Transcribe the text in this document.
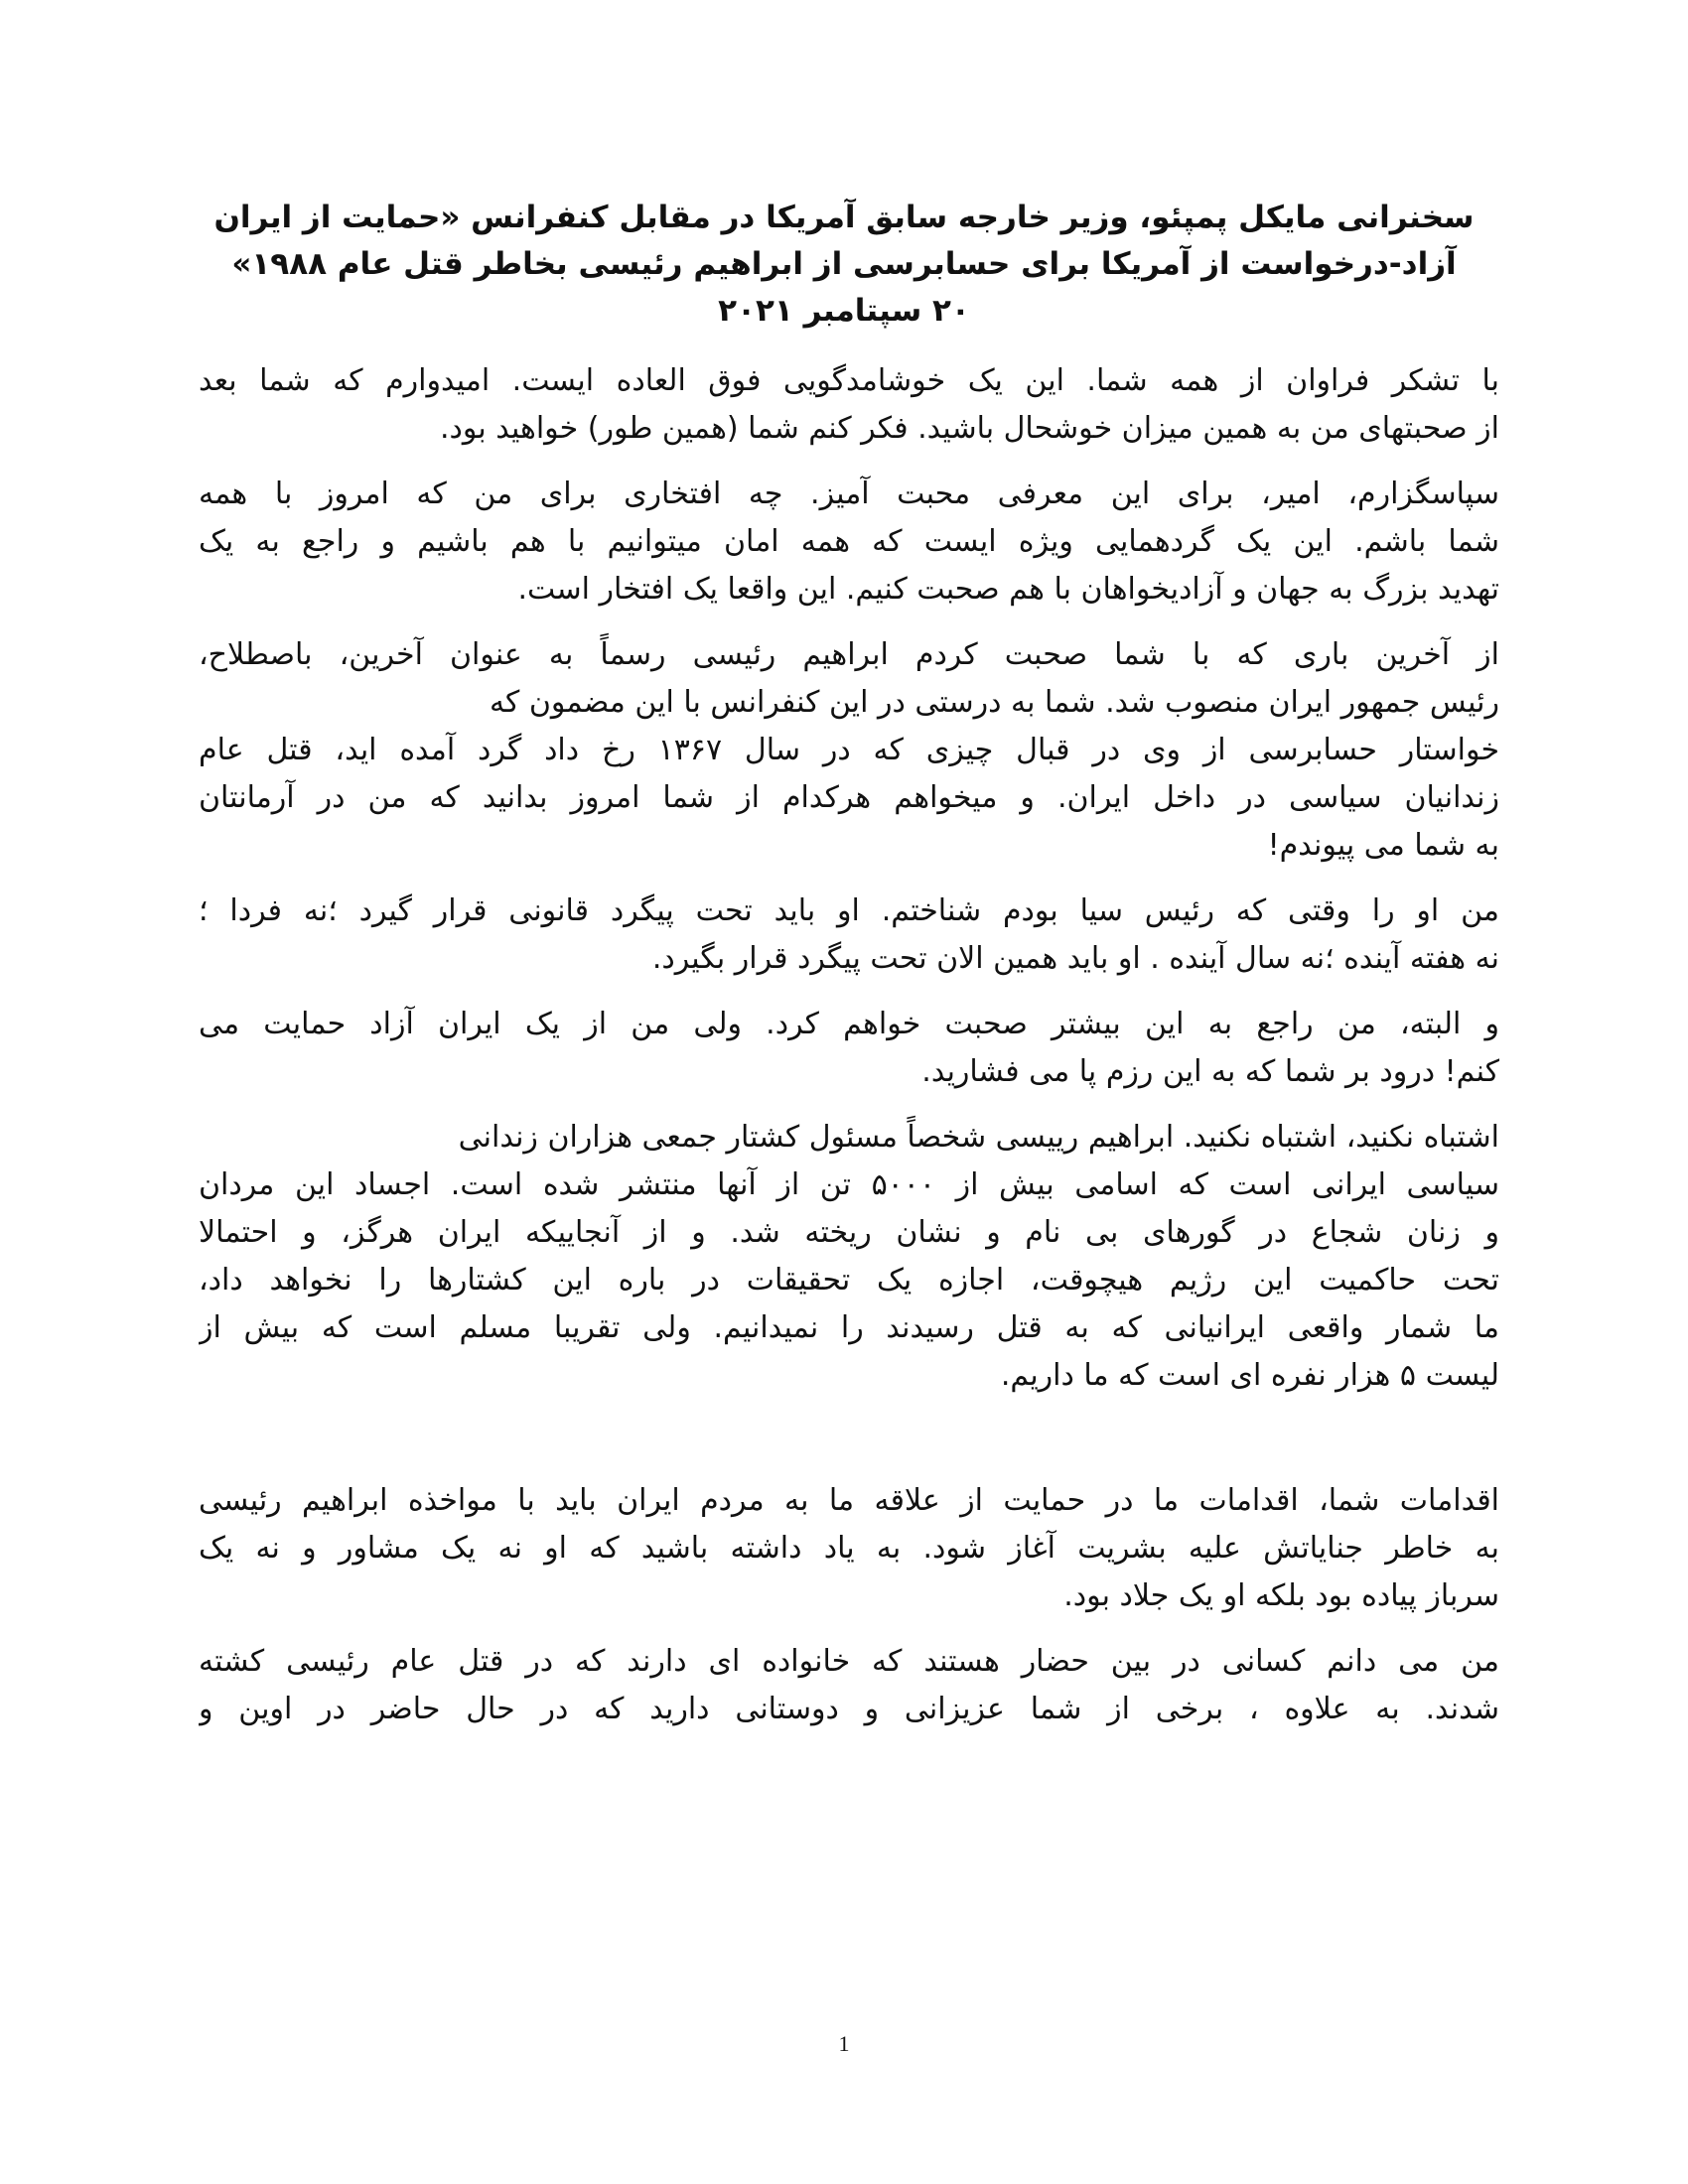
سخنرانی مایکل پمپئو، وزیر خارجه سابق آمریکا در مقابل کنفرانس «حمایت از ایران
آزاد-درخواست از آمریکا برای حسابرسی از ابراهیم رئیسی بخاطر قتل عام ۱۹۸۸»
۲۰ سپتامبر ۲۰۲۱
با تشکر فراوان از همه شما. این یک خوشامدگویی فوق العاده ایست. امیدوارم که شما بعد
از صحبتهای من به همین میزان خوشحال باشید. فکر کنم شما (همین طور) خواهید بود.
سپاسگزارم، امیر، برای این معرفی محبت آمیز. چه افتخاری برای من که امروز با همه
شما باشم. این یک گردهمایی ویژه ایست که همه امان میتوانیم با هم باشیم و راجع به یک
تهدید بزرگ به جهان و آزادیخواهان با هم صحبت کنیم. این واقعا یک افتخار است.
از آخرین باری که با شما صحبت کردم ابراهیم رئیسی رسماً به عنوان آخرین، باصطلاح،
رئیس جمهور ایران منصوب شد. شما به درستی در این کنفرانس با این مضمون که
خواستار حسابرسی از وی در قبال چیزی که در سال ۱۳۶۷ رخ داد گرد آمده اید، قتل عام
زندانیان سیاسی در داخل ایران. و میخواهم هرکدام از شما امروز بدانید که من در آرمانتان
به شما می پیوندم!
من او را وقتی که رئیس سیا بودم شناختم. او باید تحت پیگرد قانونی قرار گیرد ؛نه فردا ؛
نه هفته آینده ؛نه سال آینده . او باید همین الان تحت پیگرد قرار بگیرد.
و البته، من راجع به این بیشتر صحبت خواهم کرد. ولی من از یک ایران آزاد حمایت می
کنم! درود بر شما که به این رزم پا می فشارید.
اشتباه نکنید، اشتباه نکنید. ابراهیم رییسی شخصاً مسئول کشتار جمعی هزاران زندانی
سیاسی ایرانی است که اسامی بیش از ۵۰۰۰ تن از آنها منتشر شده است. اجساد این مردان
و زنان شجاع در گورهای بی نام و نشان ریخته شد. و از آنجاییکه ایران هرگز، و احتمالا
تحت حاکمیت این رژیم هیچوقت، اجازه یک تحقیقات در باره این کشتارها را نخواهد داد،
ما شمار واقعی ایرانیانی که به قتل رسیدند را نمیدانیم. ولی تقریبا مسلم است که بیش از
لیست ۵ هزار نفره ای است که ما داریم.
اقدامات شما، اقدامات ما در حمایت از علاقه ما به مردم ایران باید با مواخذه ابراهیم رئیسی
به خاطر جنایاتش علیه بشریت آغاز شود. به یاد داشته باشید که او نه یک مشاور و نه یک
سرباز پیاده بود بلکه او یک جلاد بود.
من می دانم کسانی در بین حضار هستند که خانواده ای دارند که در قتل عام رئیسی کشته
شدند. به علاوه ، برخی از شما عزیزانی و دوستانی دارید که در حال حاضر در اوین و
1
